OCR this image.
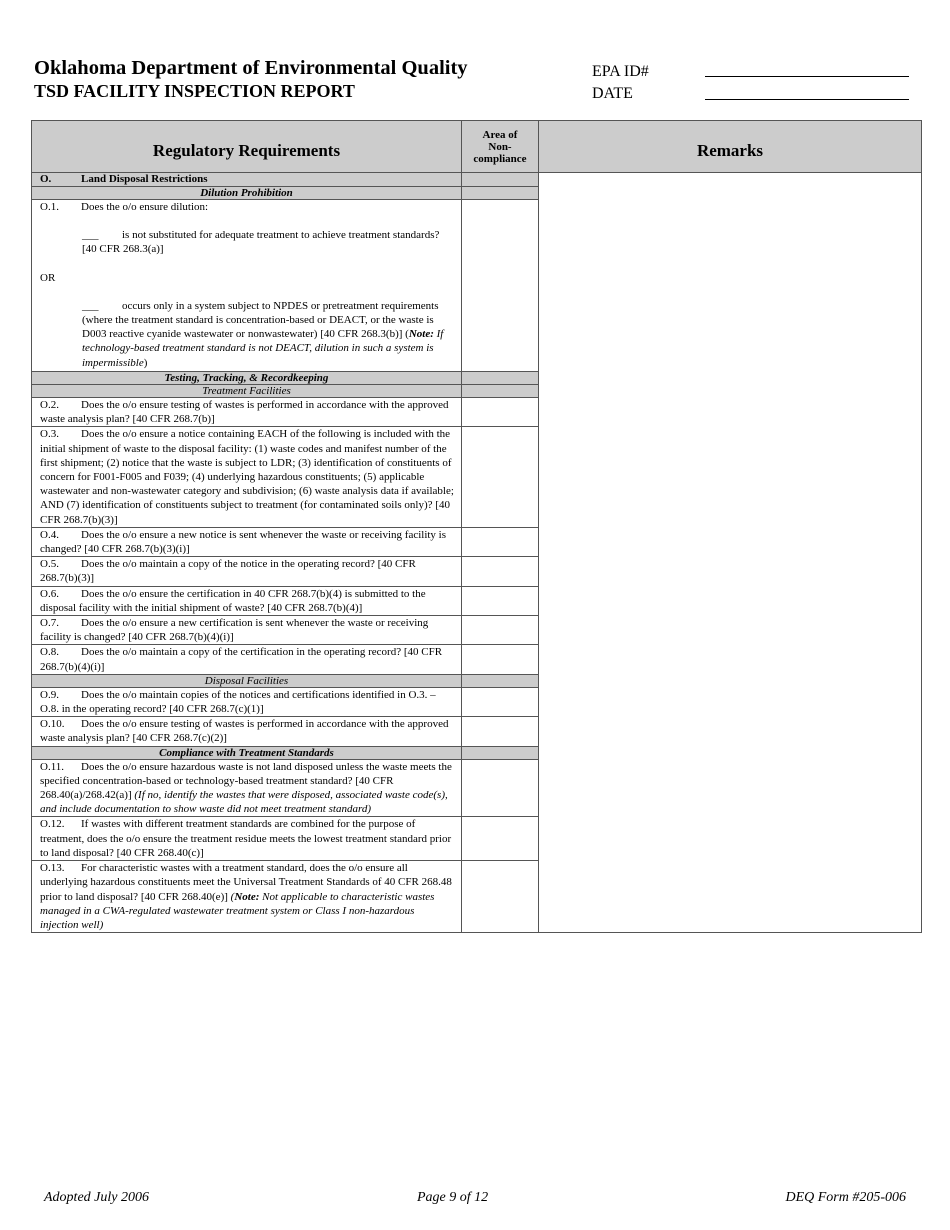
Oklahoma Department of Environmental Quality
TSD FACILITY INSPECTION REPORT
EPA ID#
DATE
Regulatory Requirements	Area of
Non-
compliance	Remarks
O. Land Disposal Restrictions		
Dilution Prohibition		

O.1. Does the o/o ensure dilution:
___ is not substituted for adequate treatment to achieve treatment standards? [40 CFR 268.3(a)]
OR
___ occurs only in a system subject to NPDES or pretreatment requirements (where the treatment standard is concentration-based or DEACT, or the waste is D003 reactive cyanide wastewater or nonwastewater) [40 CFR 268.3(b)] (Note: If technology-based treatment standard is not DEACT, dilution in such a system is impermissible)		

Testing, Tracking, & Recordkeeping		
Treatment Facilities		
O.2. Does the o/o ensure testing of wastes is performed in accordance with the approved waste analysis plan? [40 CFR 268.7(b)]		
O.3. Does the o/o ensure a notice containing EACH of the following is included with the initial shipment of waste to the disposal facility: (1) waste codes and manifest number of the first shipment; (2) notice that the waste is subject to LDR; (3) identification of constituents of concern for F001-F005 and F039; (4) underlying hazardous constituents; (5) applicable wastewater and non-wastewater category and subdivision; (6) waste analysis data if available; AND (7) identification of constituents subject to treatment (for contaminated soils only)? [40 CFR 268.7(b)(3)]		
O.4. Does the o/o ensure a new notice is sent whenever the waste or receiving facility is changed? [40 CFR 268.7(b)(3)(i)]		
O.5. Does the o/o maintain a copy of the notice in the operating record? [40 CFR 268.7(b)(3)]		
O.6. Does the o/o ensure the certification in 40 CFR 268.7(b)(4) is submitted to the disposal facility with the initial shipment of waste? [40 CFR 268.7(b)(4)]		
O.7. Does the o/o ensure a new certification is sent whenever the waste or receiving facility is changed? [40 CFR 268.7(b)(4)(i)]		
O.8. Does the o/o maintain a copy of the certification in the operating record? [40 CFR 268.7(b)(4)(i)]		
Disposal Facilities		
O.9. Does the o/o maintain copies of the notices and certifications identified in O.3. – O.8. in the operating record? [40 CFR 268.7(c)(1)]		
O.10. Does the o/o ensure testing of wastes is performed in accordance with the approved waste analysis plan? [40 CFR 268.7(c)(2)]		
Compliance with Treatment Standards		
O.11. Does the o/o ensure hazardous waste is not land disposed unless the waste meets the specified concentration-based or technology-based treatment standard? [40 CFR 268.40(a)/268.42(a)] (If no, identify the wastes that were disposed, associated waste code(s), and include documentation to show waste did not meet treatment standard)		
O.12. If wastes with different treatment standards are combined for the purpose of treatment, does the o/o ensure the treatment residue meets the lowest treatment standard prior to land disposal? [40 CFR 268.40(c)]		
O.13. For characteristic wastes with a treatment standard, does the o/o ensure all underlying hazardous constituents meet the Universal Treatment Standards of 40 CFR 268.48 prior to land disposal? [40 CFR 268.40(e)] (Note: Not applicable to characteristic wastes managed in a CWA-regulated wastewater treatment system or Class I non-hazardous injection well)		
Adopted July 2006	Page 9 of 12	DEQ Form #205-006
